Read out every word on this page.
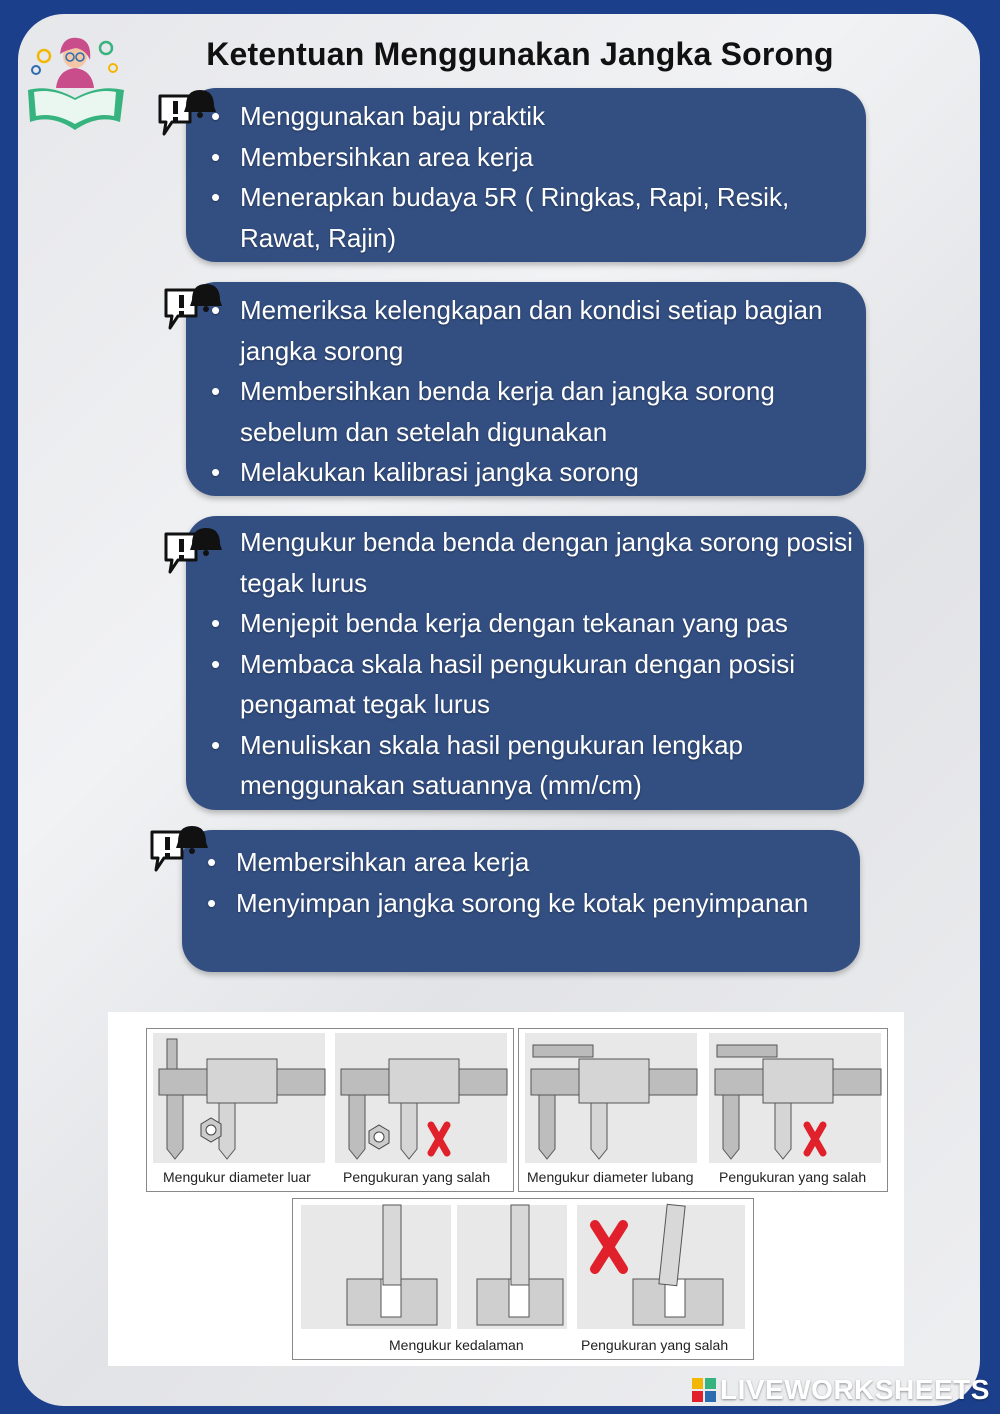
Ketentuan Menggunakan Jangka Sorong
• Menggunakan baju praktik
• Membersihkan area kerja
• Menerapkan budaya 5R ( Ringkas, Rapi, Resik, Rawat, Rajin)
• Memeriksa kelengkapan dan kondisi setiap bagian jangka sorong
• Membersihkan benda kerja dan jangka sorong sebelum dan setelah digunakan
• Melakukan kalibrasi jangka sorong
• Mengukur benda benda dengan jangka sorong posisi tegak lurus
• Menjepit benda kerja dengan tekanan yang pas
• Membaca skala hasil pengukuran dengan posisi pengamat tegak lurus
• Menuliskan skala hasil pengukuran lengkap menggunakan satuannya (mm/cm)
• Membersihkan area kerja
• Menyimpan jangka sorong ke kotak penyimpanan
Mengukur diameter luar Pengukuran yang salah	Mengukur diameter lubang Pengukuran yang salah
Mengukur kedalaman	Pengukuran yang salah
LIVEWORKSHEETS
